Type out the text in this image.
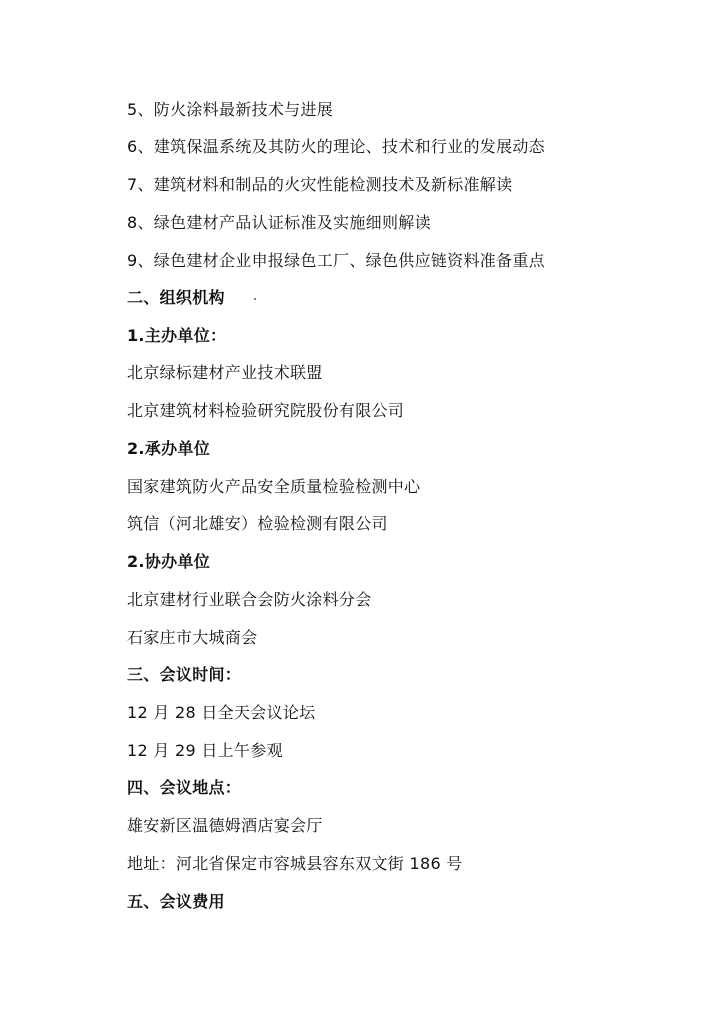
5、防火涂料最新技术与进展
6、建筑保温系统及其防火的理论、技术和行业的发展动态
7、建筑材料和制品的火灾性能检测技术及新标准解读
8、绿色建材产品认证标准及实施细则解读
9、绿色建材企业申报绿色工厂、绿色供应链资料准备重点
二、组织机构
1.主办单位：
北京绿标建材产业技术联盟
北京建筑材料检验研究院股份有限公司
2.承办单位
国家建筑防火产品安全质量检验检测中心
筑信（河北雄安）检验检测有限公司
2.协办单位
北京建材行业联合会防火涂料分会
石家庄市大城商会
三、会议时间：
12 月 28 日全天会议论坛
12 月 29 日上午参观
四、会议地点：
雄安新区温德姆酒店宴会厅
地址：河北省保定市容城县容东双文街 186 号
五、会议费用
